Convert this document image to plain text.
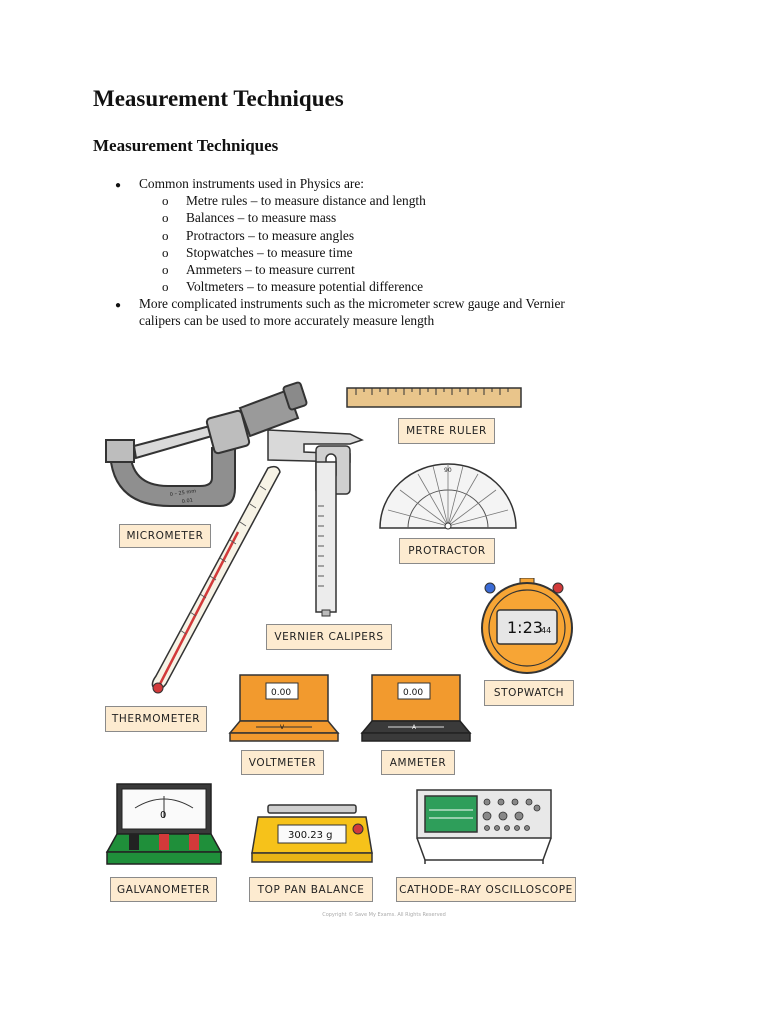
Measurement Techniques
Measurement Techniques
● Common instruments used in Physics are:
o Metre rules – to measure distance and length
o Balances – to measure mass
o Protractors – to measure angles
o Stopwatches – to measure time
o Ammeters – to measure current
o Voltmeters – to measure potential difference
● More complicated instruments such as the micrometer screw gauge and Vernier
calipers can be used to more accurately measure length
0 – 25 mm
0.01
MICROMETER
METRE RULER
90
PROTRACTOR
VERNIER CALIPERS
THERMOMETER
1:23
44
STOPWATCH
0.00
V
VOLTMETER
0.00
A
AMMETER
0
GALVANOMETER
300.23 g
TOP PAN BALANCE	CATHODE–RAY OSCILLOSCOPE
Copyright © Save My Exams. All Rights Reserved
